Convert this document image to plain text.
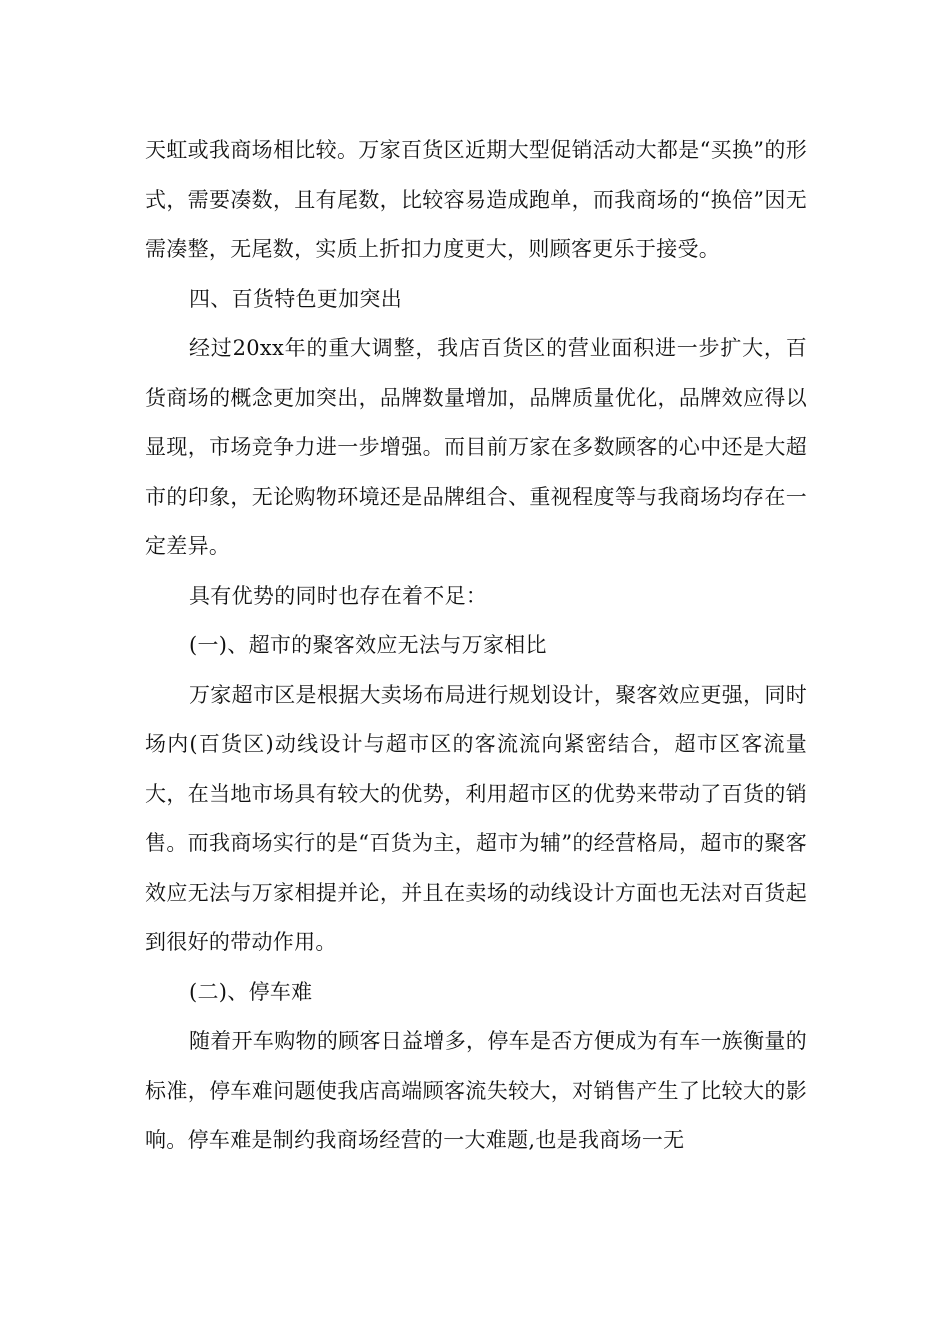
天虹或我商场相比较。万家百货区近期大型促销活动大都是“买换”的形式，需要凑数，且有尾数，比较容易造成跑单，而我商场的“换倍”因无需凑整，无尾数，实质上折扣力度更大，则顾客更乐于接受。

四、百货特色更加突出

经过20xx年的重大调整，我店百货区的营业面积进一步扩大，百货商场的概念更加突出，品牌数量增加，品牌质量优化，品牌效应得以显现，市场竞争力进一步增强。而目前万家在多数顾客的心中还是大超市的印象，无论购物环境还是品牌组合、重视程度等与我商场均存在一定差异。

具有优势的同时也存在着不足：

(一)、超市的聚客效应无法与万家相比

万家超市区是根据大卖场布局进行规划设计，聚客效应更强，同时场内(百货区)动线设计与超市区的客流流向紧密结合，超市区客流量大，在当地市场具有较大的优势，利用超市区的优势来带动了百货的销售。而我商场实行的是“百货为主，超市为辅”的经营格局，超市的聚客效应无法与万家相提并论，并且在卖场的动线设计方面也无法对百货起到很好的带动作用。

(二)、停车难

随着开车购物的顾客日益增多，停车是否方便成为有车一族衡量的标准，停车难问题使我店高端顾客流失较大，对销售产生了比较大的影响。停车难是制约我商场经营的一大难题,也是我商场一无
